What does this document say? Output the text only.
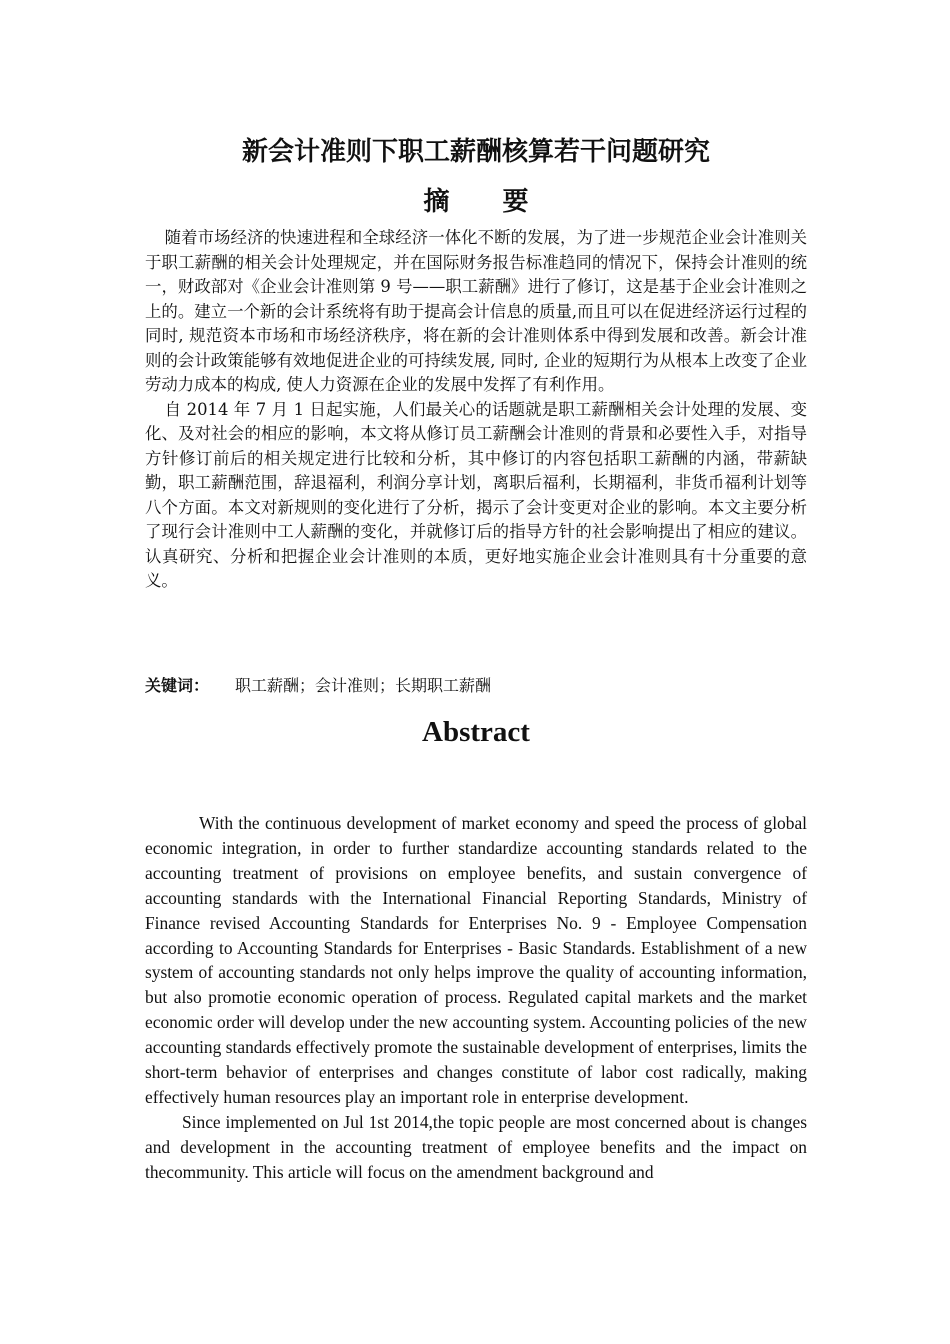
新会计准则下职工薪酬核算若干问题研究
摘 要

随着市场经济的快速进程和全球经济一体化不断的发展，为了进一步规范企业会计准则关于职工薪酬的相关会计处理规定，并在国际财务报告标准趋同的情况下，保持会计准则的统一，财政部对《企业会计准则第 9 号——职工薪酬》进行了修订，这是基于企业会计准则之上的。建立一个新的会计系统将有助于提高会计信息的质量,而且可以在促进经济运行过程的同时, 规范资本市场和市场经济秩序，将在新的会计准则体系中得到发展和改善。新会计准则的会计政策能够有效地促进企业的可持续发展, 同时, 企业的短期行为从根本上改变了企业劳动力成本的构成, 使人力资源在企业的发展中发挥了有利作用。

自 2014 年 7 月 1 日起实施，人们最关心的话题就是职工薪酬相关会计处理的发展、变化、及对社会的相应的影响，本文将从修订员工薪酬会计准则的背景和必要性入手，对指导方针修订前后的相关规定进行比较和分析，其中修订的内容包括职工薪酬的内涵，带薪缺勤，职工薪酬范围，辞退福利，利润分享计划，离职后福利，长期福利，非货币福利计划等八个方面。本文对新规则的变化进行了分析，揭示了会计变更对企业的影响。本文主要分析了现行会计准则中工人薪酬的变化，并就修订后的指导方针的社会影响提出了相应的建议。认真研究、分析和把握企业会计准则的本质，更好地实施企业会计准则具有十分重要的意义。

关键词： 职工薪酬；会计准则；长期职工薪酬
Abstract

With the continuous development of market economy and speed the process of global economic integration, in order to further standardize accounting standards related to the accounting treatment of provisions on employee benefits, and sustain convergence of accounting standards with the International Financial Reporting Standards, Ministry of Finance revised Accounting Standards for Enterprises No. 9 - Employee Compensation according to Accounting Standards for Enterprises - Basic Standards. Establishment of a new system of accounting standards not only helps improve the quality of accounting information, but also promotie economic operation of process. Regulated capital markets and the market economic order will develop under the new accounting system. Accounting policies of the new accounting standards effectively promote the sustainable development of enterprises, limits the short-term behavior of enterprises and changes constitute of labor cost radically, making effectively human resources play an important role in enterprise development.

Since implemented on Jul 1st 2014,the topic people are most concerned about is changes and development in the accounting treatment of employee benefits and the impact on thecommunity. This article will focus on the amendment background and
